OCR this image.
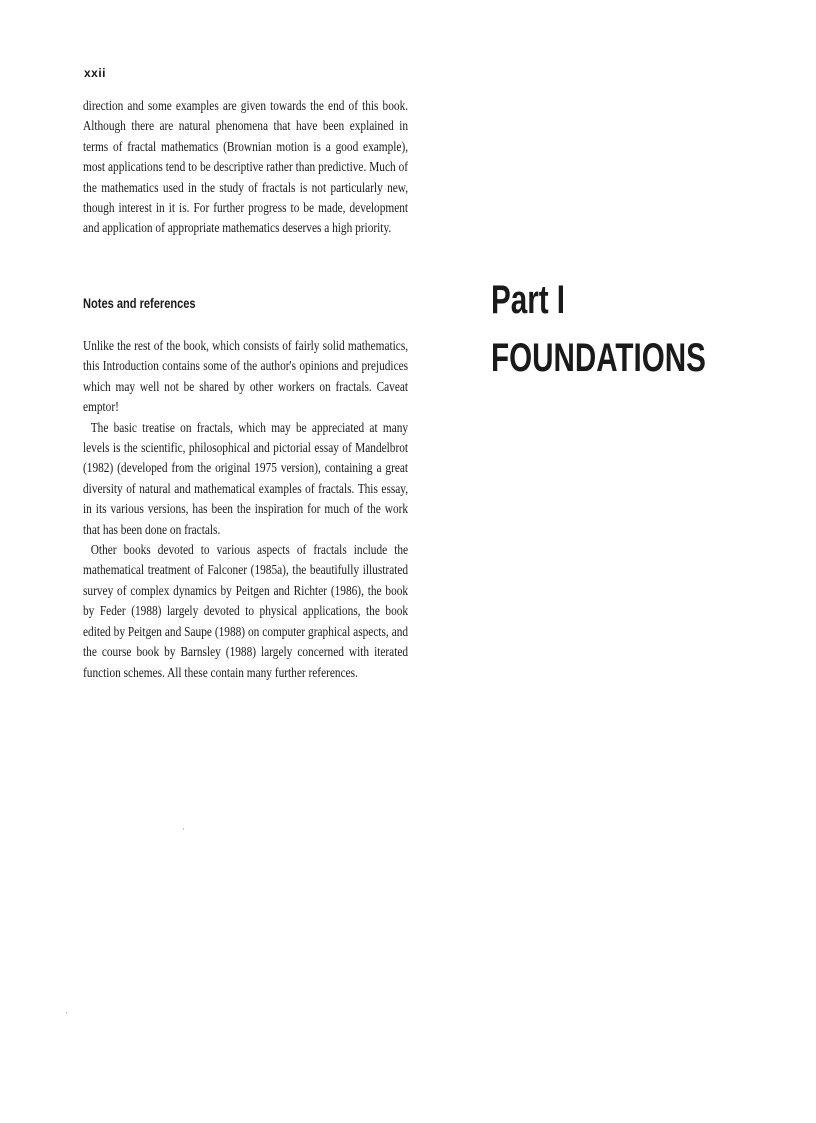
xxii

direction and some examples are given towards the end of this book. Although there are natural phenomena that have been explained in terms of fractal mathematics (Brownian motion is a good example), most applications tend to be descriptive rather than predictive. Much of the mathematics used in the study of fractals is not particularly new, though interest in it is. For further progress to be made, development and application of appropriate mathematics deserves a high priority.

Notes and references

Unlike the rest of the book, which consists of fairly solid mathematics, this Introduction contains some of the author's opinions and prejudices which may well not be shared by other workers on fractals. Caveat emptor!

The basic treatise on fractals, which may be appreciated at many levels is the scientific, philosophical and pictorial essay of Mandelbrot (1982) (developed from the original 1975 version), containing a great diversity of natural and mathematical examples of fractals. This essay, in its various versions, has been the inspiration for much of the work that has been done on fractals.

Other books devoted to various aspects of fractals include the mathematical treatment of Falconer (1985a), the beautifully illustrated survey of complex dynamics by Peitgen and Richter (1986), the book by Feder (1988) largely devoted to physical applications, the book edited by Peitgen and Saupe (1988) on computer graphical aspects, and the course book by Barnsley (1988) largely concerned with iterated function schemes. All these contain many further references.

Part I
FOUNDATIONS
